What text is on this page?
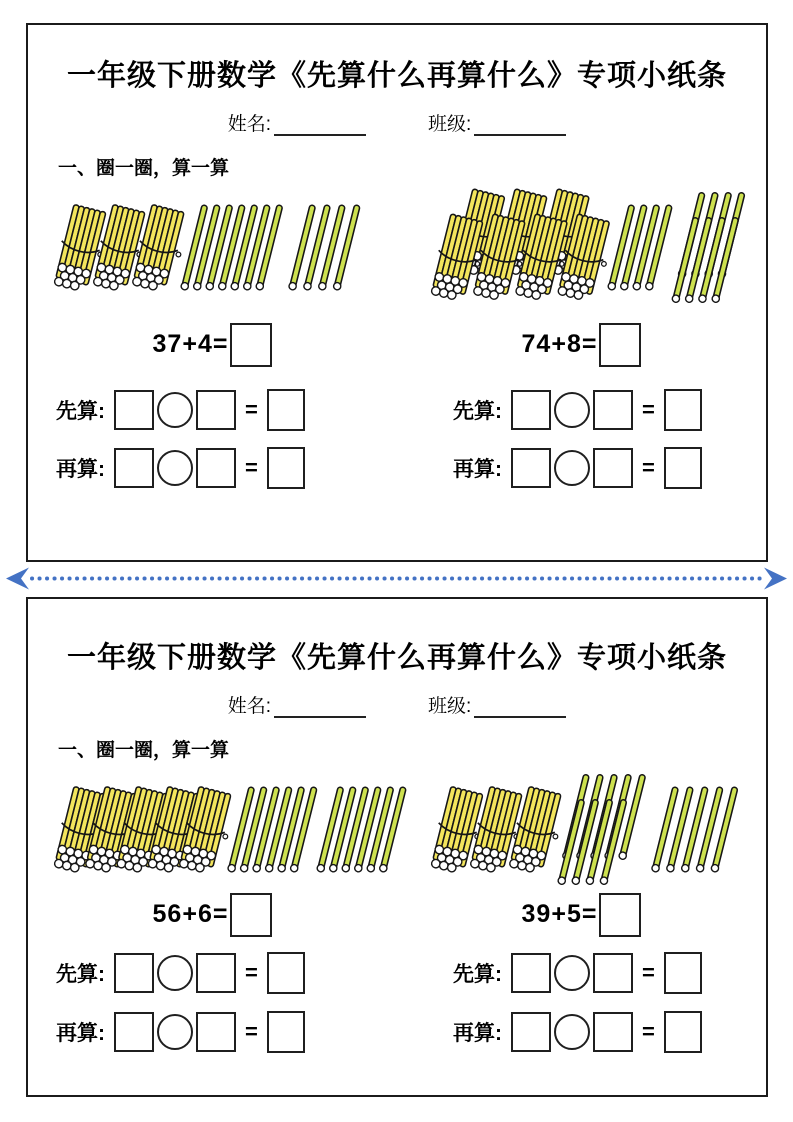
一年级下册数学《先算什么再算什么》专项小纸条
姓名:	班级:
一、圈一圈，算一算
37+4=
先算:	=
再算:	=
74+8=
先算:	=
再算:	=
一年级下册数学《先算什么再算什么》专项小纸条
姓名:	班级:
一、圈一圈，算一算
56+6=
先算:	=
再算:	=
39+5=
先算:	=
再算:	=
